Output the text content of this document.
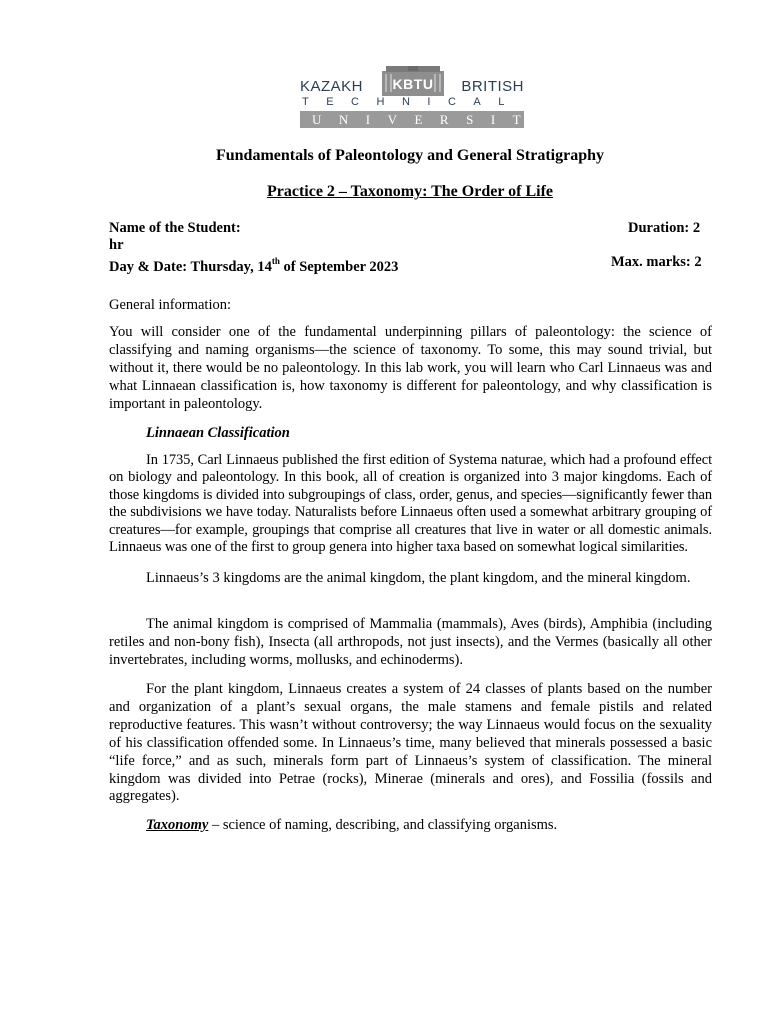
KAZAKH	KBTU	BRITISH
TECHNICAL
UNIVERSITY
Fundamentals of Paleontology and General Stratigraphy
Practice 2 – Taxonomy: The Order of Life
Name of the Student:	Duration: 2
hr
Day & Date: Thursday, 14th of September 2023	Max. marks: 2
General information:
You will consider one of the fundamental underpinning pillars of paleontology: the science of classifying and naming organisms—the science of taxonomy. To some, this may sound trivial, but without it, there would be no paleontology. In this lab work, you will learn who Carl Linnaeus was and what Linnaean classification is, how taxonomy is different for paleontology, and why classification is important in paleontology.
Linnaean Classification
In 1735, Carl Linnaeus published the first edition of Systema naturae, which had a profound effect on biology and paleontology. In this book, all of creation is organized into 3 major kingdoms. Each of those kingdoms is divided into subgroupings of class, order, genus, and species—significantly fewer than the subdivisions we have today. Naturalists before Linnaeus often used a somewhat arbitrary grouping of creatures—for example, groupings that comprise all creatures that live in water or all domestic animals. Linnaeus was one of the first to group genera into higher taxa based on somewhat logical similarities.
Linnaeus’s 3 kingdoms are the animal kingdom, the plant kingdom, and the mineral kingdom.
The animal kingdom is comprised of Mammalia (mammals), Aves (birds), Amphibia (including retiles and non-bony fish), Insecta (all arthropods, not just insects), and the Vermes (basically all other invertebrates, including worms, mollusks, and echinoderms).
For the plant kingdom, Linnaeus creates a system of 24 classes of plants based on the number and organization of a plant’s sexual organs, the male stamens and female pistils and related reproductive features. This wasn’t without controversy; the way Linnaeus would focus on the sexuality of his classification offended some. In Linnaeus’s time, many believed that minerals possessed a basic “life force,” and as such, minerals form part of Linnaeus’s system of classification. The mineral kingdom was divided into Petrae (rocks), Minerae (minerals and ores), and Fossilia (fossils and aggregates).
Taxonomy – science of naming, describing, and classifying organisms.
